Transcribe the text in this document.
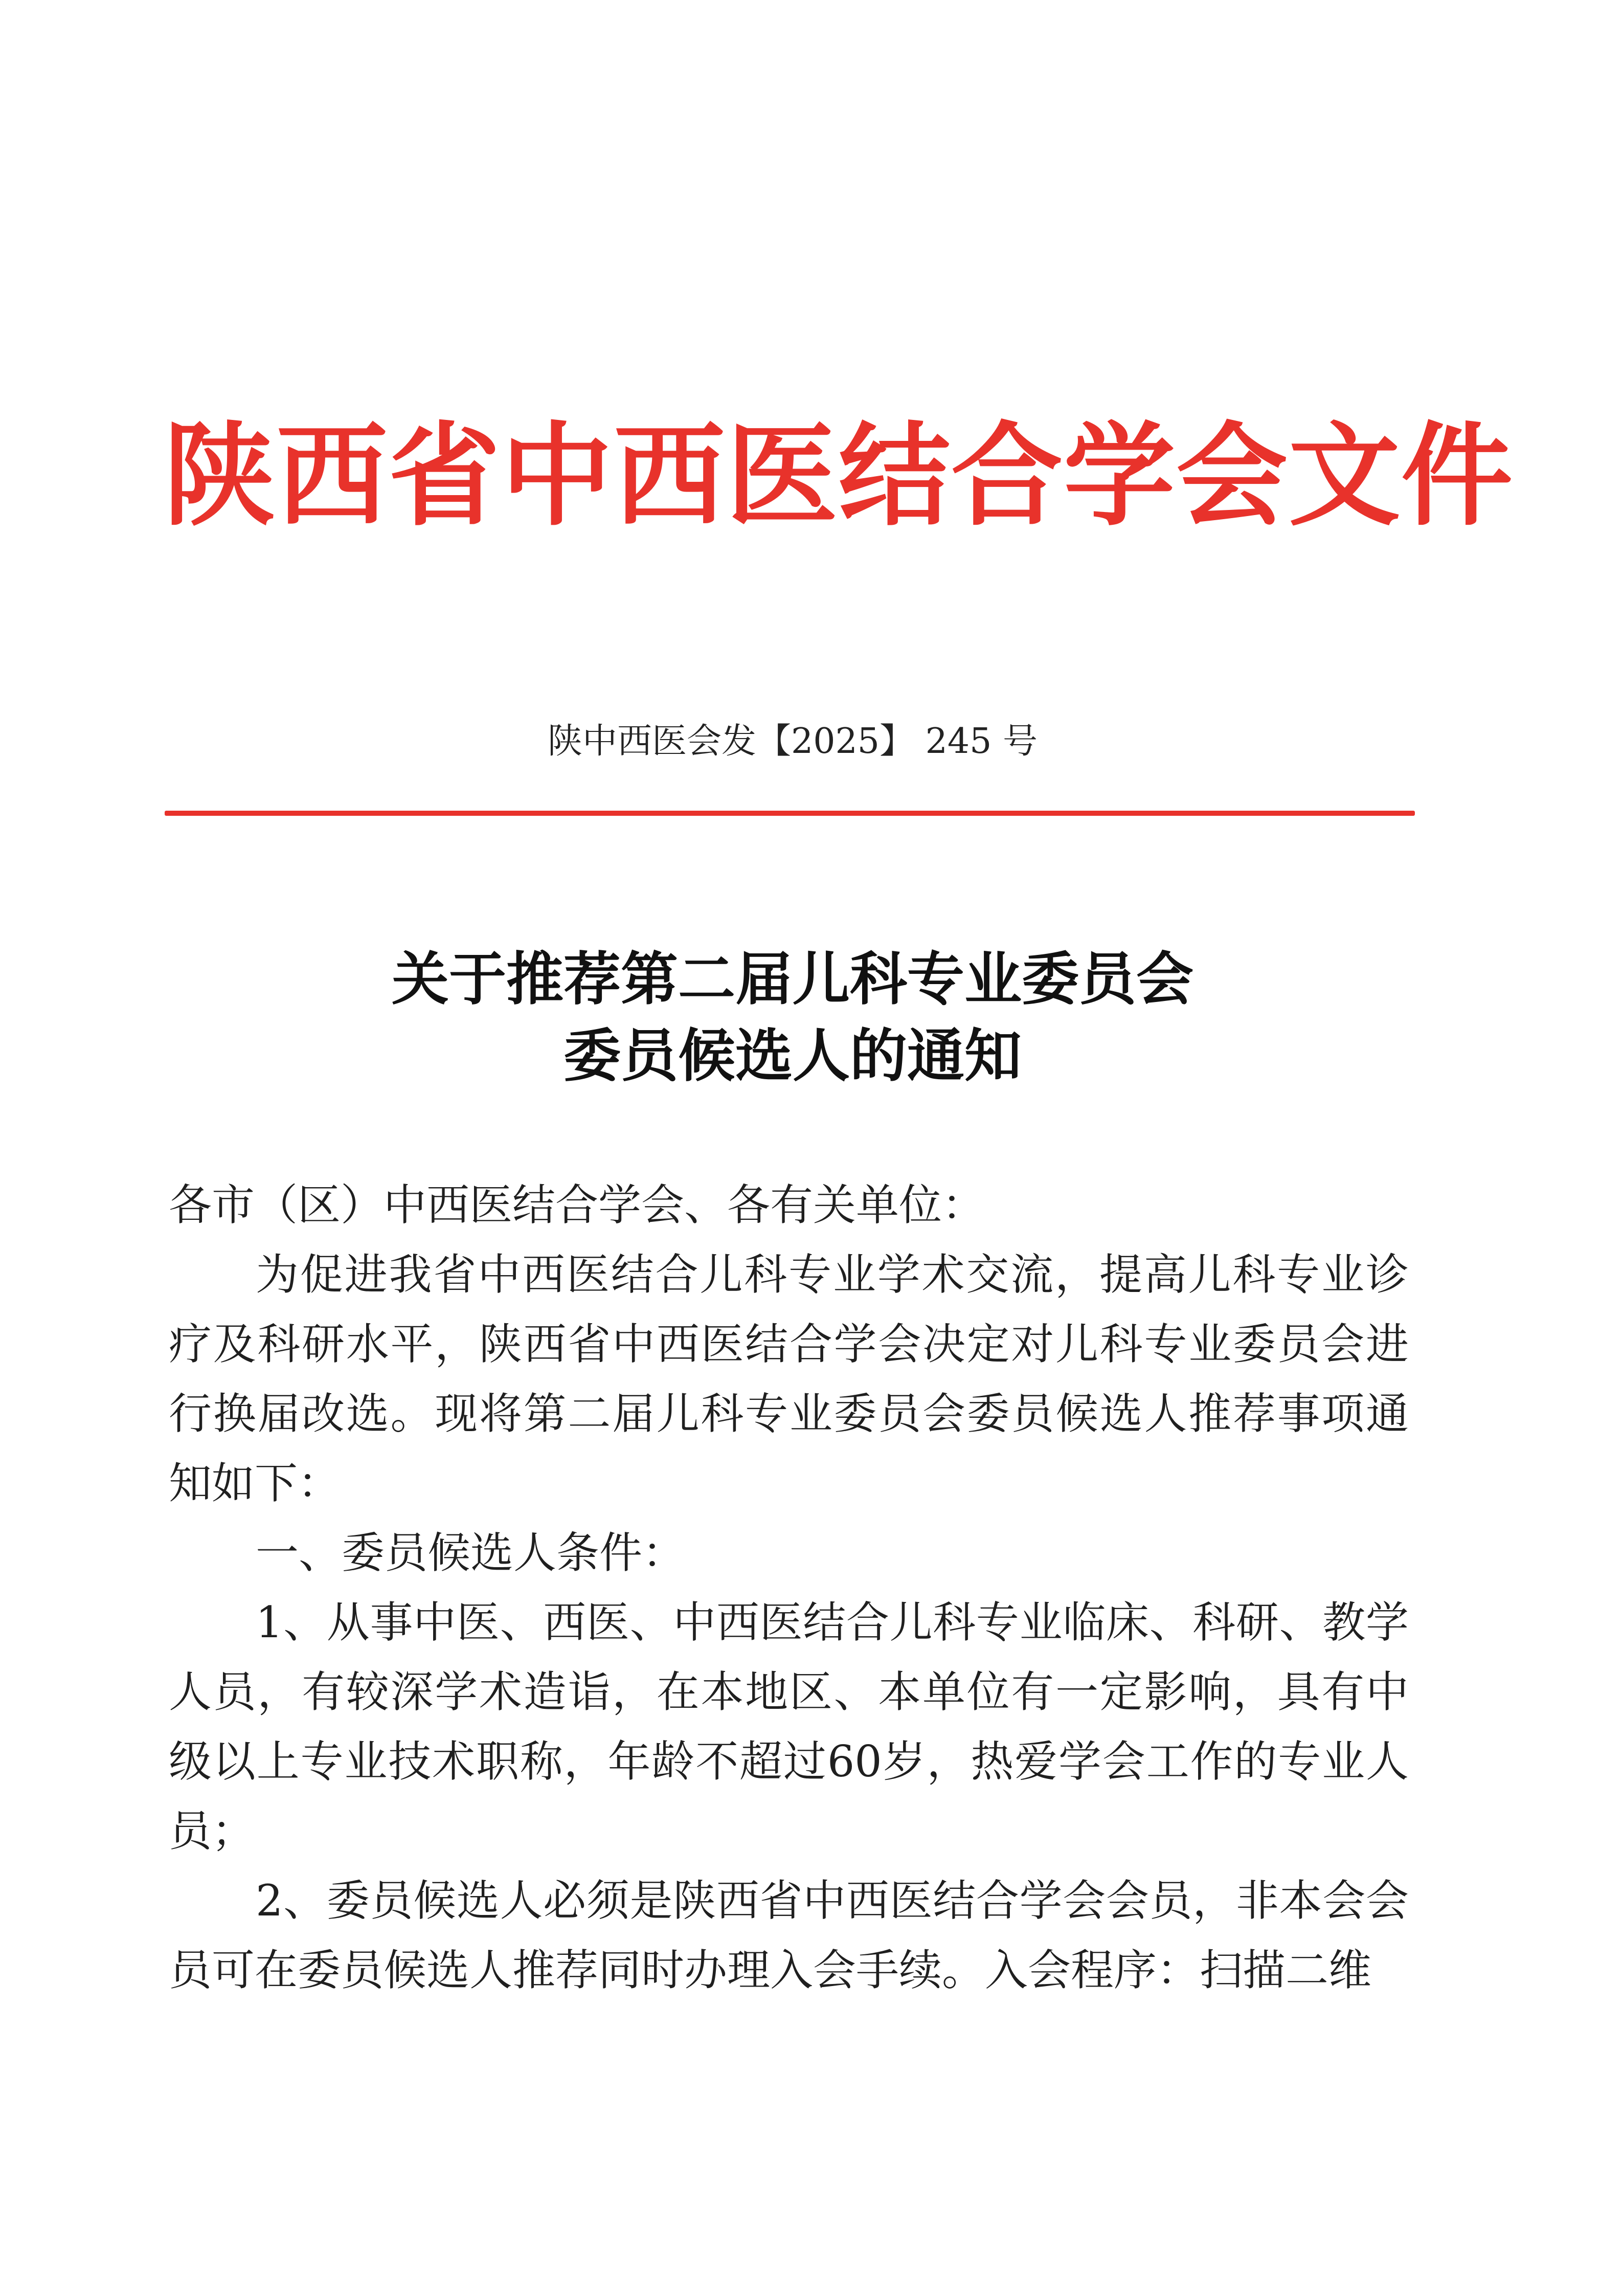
陕西省中西医结合学会文件
陕中西医会发【2025】 245 号
关于推荐第二届儿科专业委员会
委员候选人的通知

各市（区）中西医结合学会、各有关单位：

为促进我省中西医结合儿科专业学术交流，提高儿科专业诊疗及科研水平，陕西省中西医结合学会决定对儿科专业委员会进行换届改选。现将第二届儿科专业委员会委员候选人推荐事项通知如下：

一、委员候选人条件：

1、从事中医、西医、中西医结合儿科专业临床、科研、教学人员，有较深学术造诣，在本地区、本单位有一定影响，具有中级以上专业技术职称，年龄不超过60岁，热爱学会工作的专业人员；

2、委员候选人必须是陕西省中西医结合学会会员，非本会会员可在委员候选人推荐同时办理入会手续。入会程序：扫描二维
